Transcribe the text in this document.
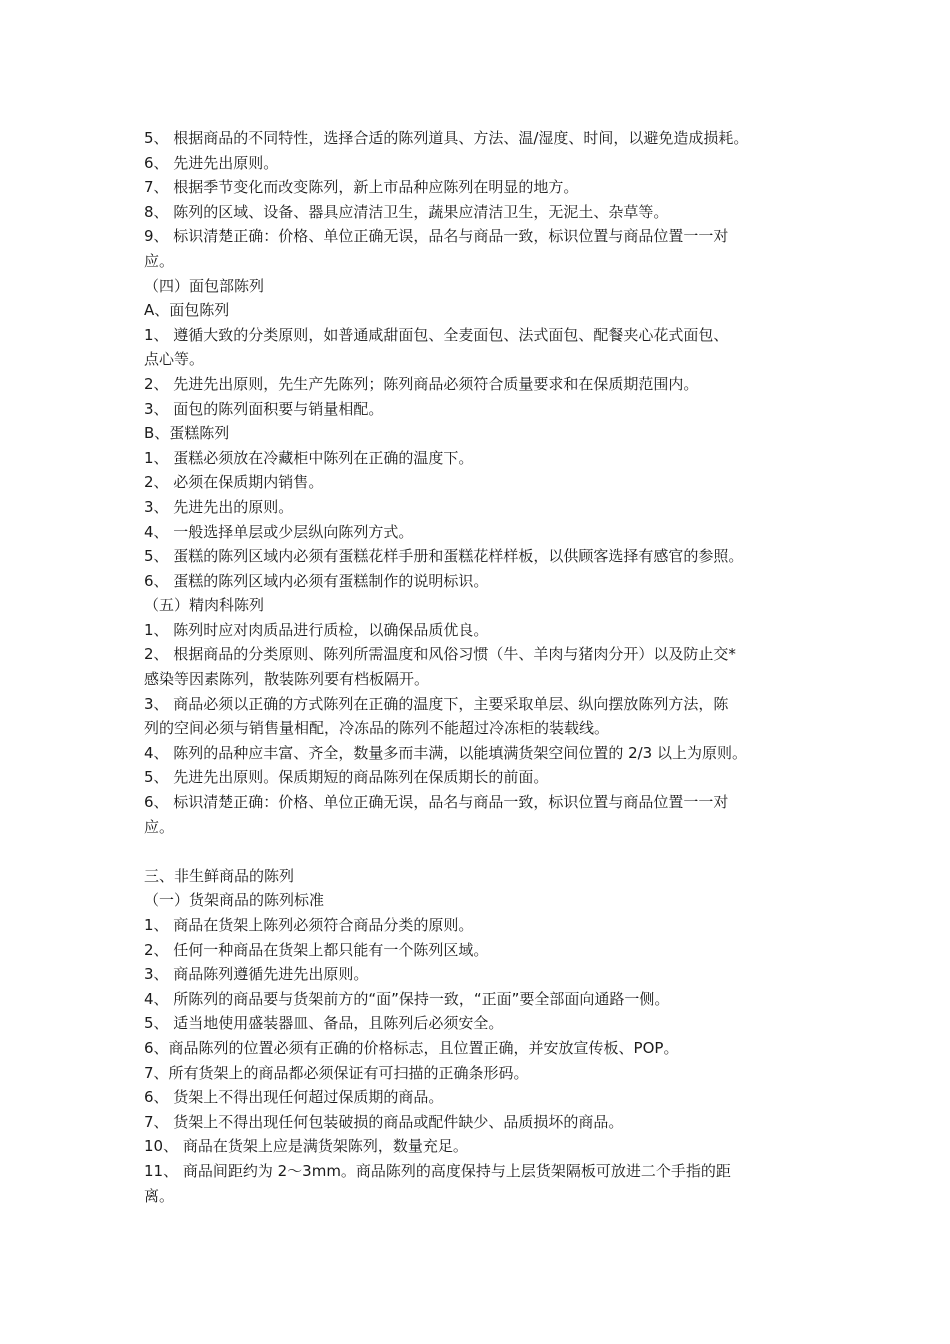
5、 根据商品的不同特性，选择合适的陈列道具、方法、温/湿度、时间，以避免造成损耗。
6、 先进先出原则。
7、 根据季节变化而改变陈列，新上市品种应陈列在明显的地方。
8、 陈列的区域、设备、器具应清洁卫生，蔬果应清洁卫生，无泥土、杂草等。
9、 标识清楚正确：价格、单位正确无误，品名与商品一致，标识位置与商品位置一一对
应。
（四）面包部陈列
A、面包陈列
1、 遵循大致的分类原则，如普通咸甜面包、全麦面包、法式面包、配餐夹心花式面包、
点心等。
2、 先进先出原则，先生产先陈列；陈列商品必须符合质量要求和在保质期范围内。
3、 面包的陈列面积要与销量相配。
B、蛋糕陈列
1、 蛋糕必须放在冷藏柜中陈列在正确的温度下。
2、 必须在保质期内销售。
3、 先进先出的原则。
4、 一般选择单层或少层纵向陈列方式。
5、 蛋糕的陈列区域内必须有蛋糕花样手册和蛋糕花样样板，以供顾客选择有感官的参照。
6、 蛋糕的陈列区域内必须有蛋糕制作的说明标识。
（五）精肉科陈列
1、 陈列时应对肉质品进行质检，以确保品质优良。
2、 根据商品的分类原则、陈列所需温度和风俗习惯（牛、羊肉与猪肉分开）以及防止交*
感染等因素陈列，散装陈列要有档板隔开。
3、 商品必须以正确的方式陈列在正确的温度下，主要采取单层、纵向摆放陈列方法，陈
列的空间必须与销售量相配，冷冻品的陈列不能超过冷冻柜的装载线。
4、 陈列的品种应丰富、齐全，数量多而丰满，以能填满货架空间位置的 2/3 以上为原则。
5、 先进先出原则。保质期短的商品陈列在保质期长的前面。
6、 标识清楚正确：价格、单位正确无误，品名与商品一致，标识位置与商品位置一一对
应。
三、非生鲜商品的陈列
（一）货架商品的陈列标准
1、 商品在货架上陈列必须符合商品分类的原则。
2、 任何一种商品在货架上都只能有一个陈列区域。
3、 商品陈列遵循先进先出原则。
4、 所陈列的商品要与货架前方的“面”保持一致，“正面”要全部面向通路一侧。
5、 适当地使用盛装器皿、备品，且陈列后必须安全。
6、商品陈列的位置必须有正确的价格标志，且位置正确，并安放宣传板、POP。
7、所有货架上的商品都必须保证有可扫描的正确条形码。
6、 货架上不得出现任何超过保质期的商品。
7、 货架上不得出现任何包装破损的商品或配件缺少、品质损坏的商品。
10、 商品在货架上应是满货架陈列，数量充足。
11、 商品间距约为 2～3mm。商品陈列的高度保持与上层货架隔板可放进二个手指的距
离。
